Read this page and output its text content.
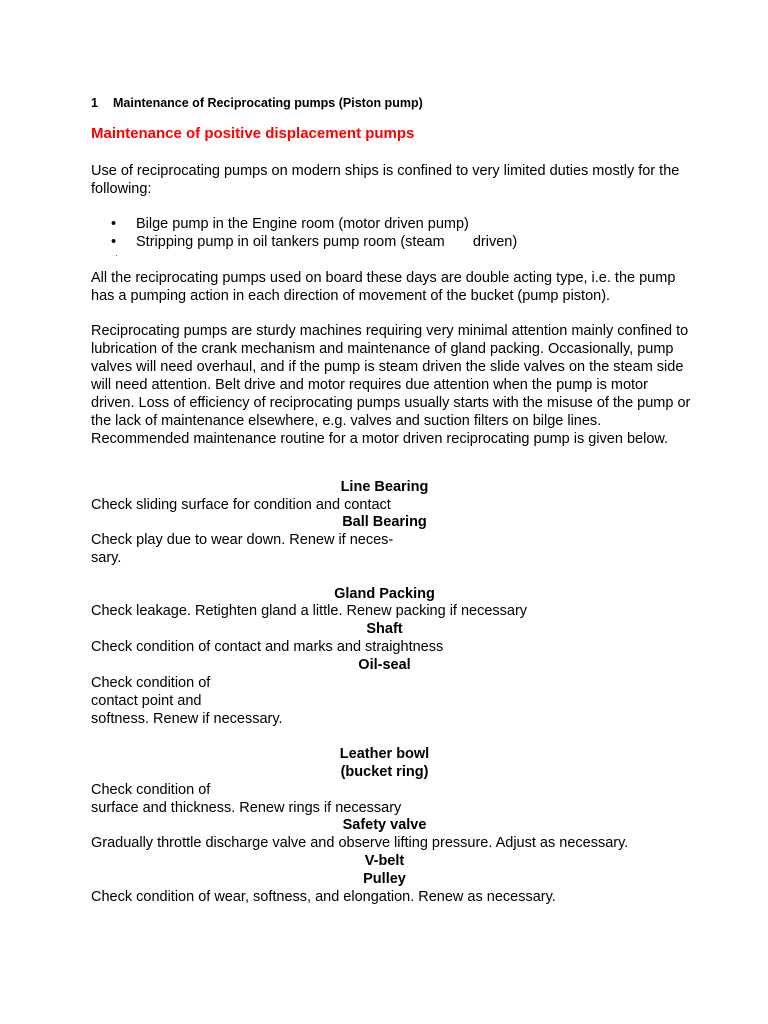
1 Maintenance of Reciprocating pumps (Piston pump)
Maintenance of positive displacement pumps

Use of reciprocating pumps on modern ships is confined to very limited duties mostly for the following:

• Bilge pump in the Engine room (motor driven pump)
• Stripping pump in oil tankers pump room (steam       driven)
·

All the reciprocating pumps used on board these days are double acting type, i.e. the pump has a pumping action in each direction of movement of the bucket (pump piston).

Reciprocating pumps are sturdy machines requiring very minimal attention mainly confined to lubrication of the crank mechanism and maintenance of gland packing. Occasionally, pump valves will need overhaul, and if the pump is steam driven the slide valves on the steam side will need attention. Belt drive and motor requires due attention when the pump is motor driven. Loss of efficiency of reciprocating pumps usually starts with the misuse of the pump or the lack of maintenance elsewhere, e.g. valves and suction filters on bilge lines. Recommended maintenance routine for a motor driven reciprocating pump is given below.

Line Bearing

Check sliding surface for condition and contact

Ball Bearing

Check play due to wear down. Renew if neces-
sary.

Gland Packing

Check leakage. Retighten gland a little. Renew packing if necessary

Shaft

Check condition of contact and marks and straightness

Oil-seal

Check condition of
contact point and
softness. Renew if necessary.

Leather bowl
(bucket ring)

Check condition of
surface and thickness. Renew rings if necessary

Safety valve

Gradually throttle discharge valve and observe lifting pressure. Adjust as necessary.

V-belt
Pulley

Check condition of wear, softness, and elongation. Renew as necessary.
